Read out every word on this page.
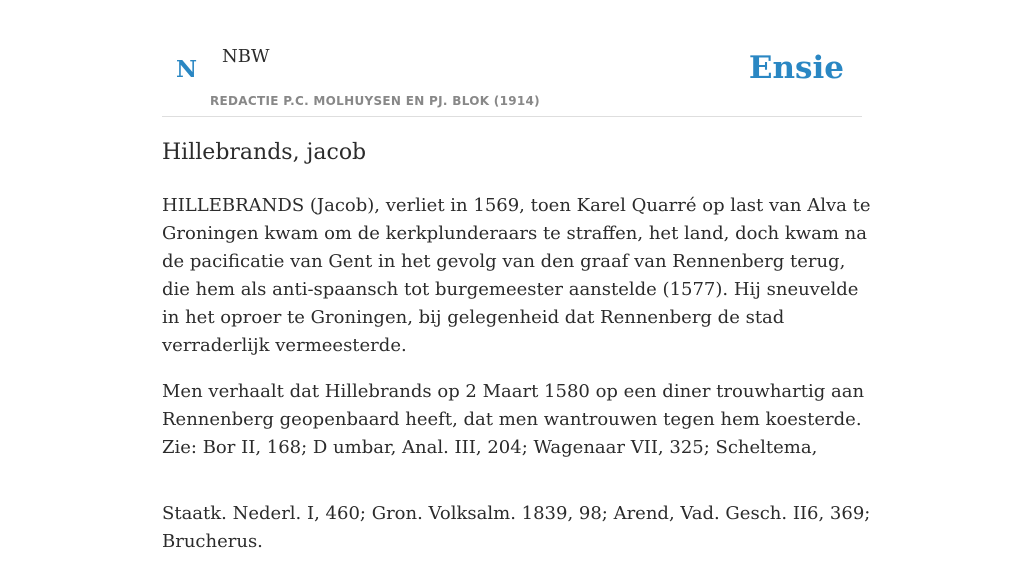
N NBW
REDACTIE P.C. MOLHUYSEN EN PJ. BLOK (1914)
Ensie
Hillebrands, jacob

HILLEBRANDS (Jacob), verliet in 1569, toen Karel Quarré op last van Alva te Groningen kwam om de kerkplunderaars te straffen, het land, doch kwam na de pacificatie van Gent in het gevolg van den graaf van Rennenberg terug, die hem als anti-spaansch tot burgemeester aanstelde (1577). Hij sneuvelde in het oproer te Groningen, bij gelegenheid dat Rennenberg de stad verraderlijk vermeesterde.

Men verhaalt dat Hillebrands op 2 Maart 1580 op een diner trouwhartig aan Rennenberg geopenbaard heeft, dat men wantrouwen tegen hem koesterde. Zie: Bor II, 168; D umbar, Anal. III, 204; Wagenaar VII, 325; Scheltema,

Staatk. Nederl. I, 460; Gron. Volksalm. 1839, 98; Arend, Vad. Gesch. II6, 369; Brucherus.
